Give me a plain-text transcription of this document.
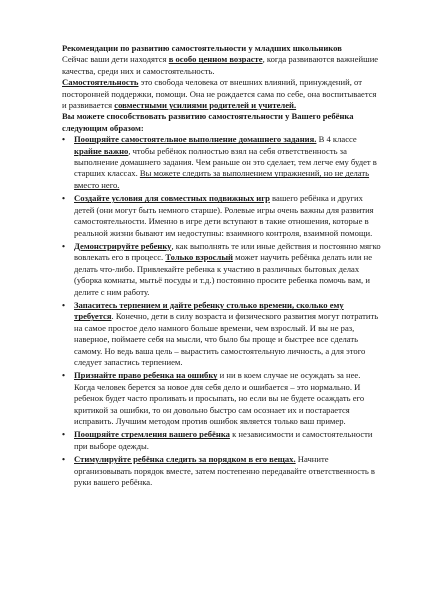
Рекомендации по развитию самостоятельности у младших школьников

Сейчас ваши дети находятся в особо ценном возрасте, когда развиваются важнейшие качества, среди них и самостоятельность.

Самостоятельность это свобода человека от внешних влияний, принуждений, от посторонней поддержки, помощи. Она не рождается сама по себе, она воспитывается и развивается совместными усилиями родителей и учителей.

Вы можете способствовать развитию самостоятельности у Вашего ребёнка следующим образом:

• Поощряйте самостоятельное выполнение домашнего задания. В 4 классе крайне важно, чтобы ребёнок полностью взял на себя ответственность за выполнение домашнего задания. Чем раньше он это сделает, тем легче ему будет в старших классах. Вы можете следить за выполнением упражнений, но не делать вместо него.
• Создайте условия для совместных подвижных игр вашего ребёнка и других детей (они могут быть немного старше). Ролевые игры очень важны для развития самостоятельности. Именно в игре дети вступают в такие отношения, которые в реальной жизни бывают им недоступны: взаимного контроля, взаимной помощи.
• Демонстрируйте ребенку, как выполнять те или иные действия и постоянно мягко вовлекать его в процесс. Только взрослый может научить ребёнка делать или не делать что-либо. Привлекайте ребенка к участию в различных бытовых делах (уборка комнаты, мытьё посуды и т.д.) постоянно просите ребенка помочь вам, и делите с ним работу.
• Запаситесь терпением и дайте ребенку столько времени, сколько ему требуется. Конечно, дети в силу возраста и физического развития могут потратить на самое простое дело намного больше времени, чем взрослый. И вы не раз, наверное, поймаете себя на мысли, что было бы проще и быстрее все сделать самому. Но ведь ваша цель – вырастить самостоятельную личность, а для этого следует запастись терпением.
• Признайте право ребенка на ошибку и ни в коем случае не осуждать за нее. Когда человек берется за новое для себя дело и ошибается – это нормально. И ребенок будет часто проливать и просыпать, но если вы не будете осаждать его критикой за ошибки, то он довольно быстро сам осознает их и постарается исправить. Лучшим методом против ошибок является только ваш пример.
• Поощряйте стремления вашего ребёнка к независимости и самостоятельности при выборе одежды.
• Стимулируйте ребёнка следить за порядком в его вещах. Начните организовывать порядок вместе, затем постепенно передавайте ответственность в руки вашего ребёнка.
